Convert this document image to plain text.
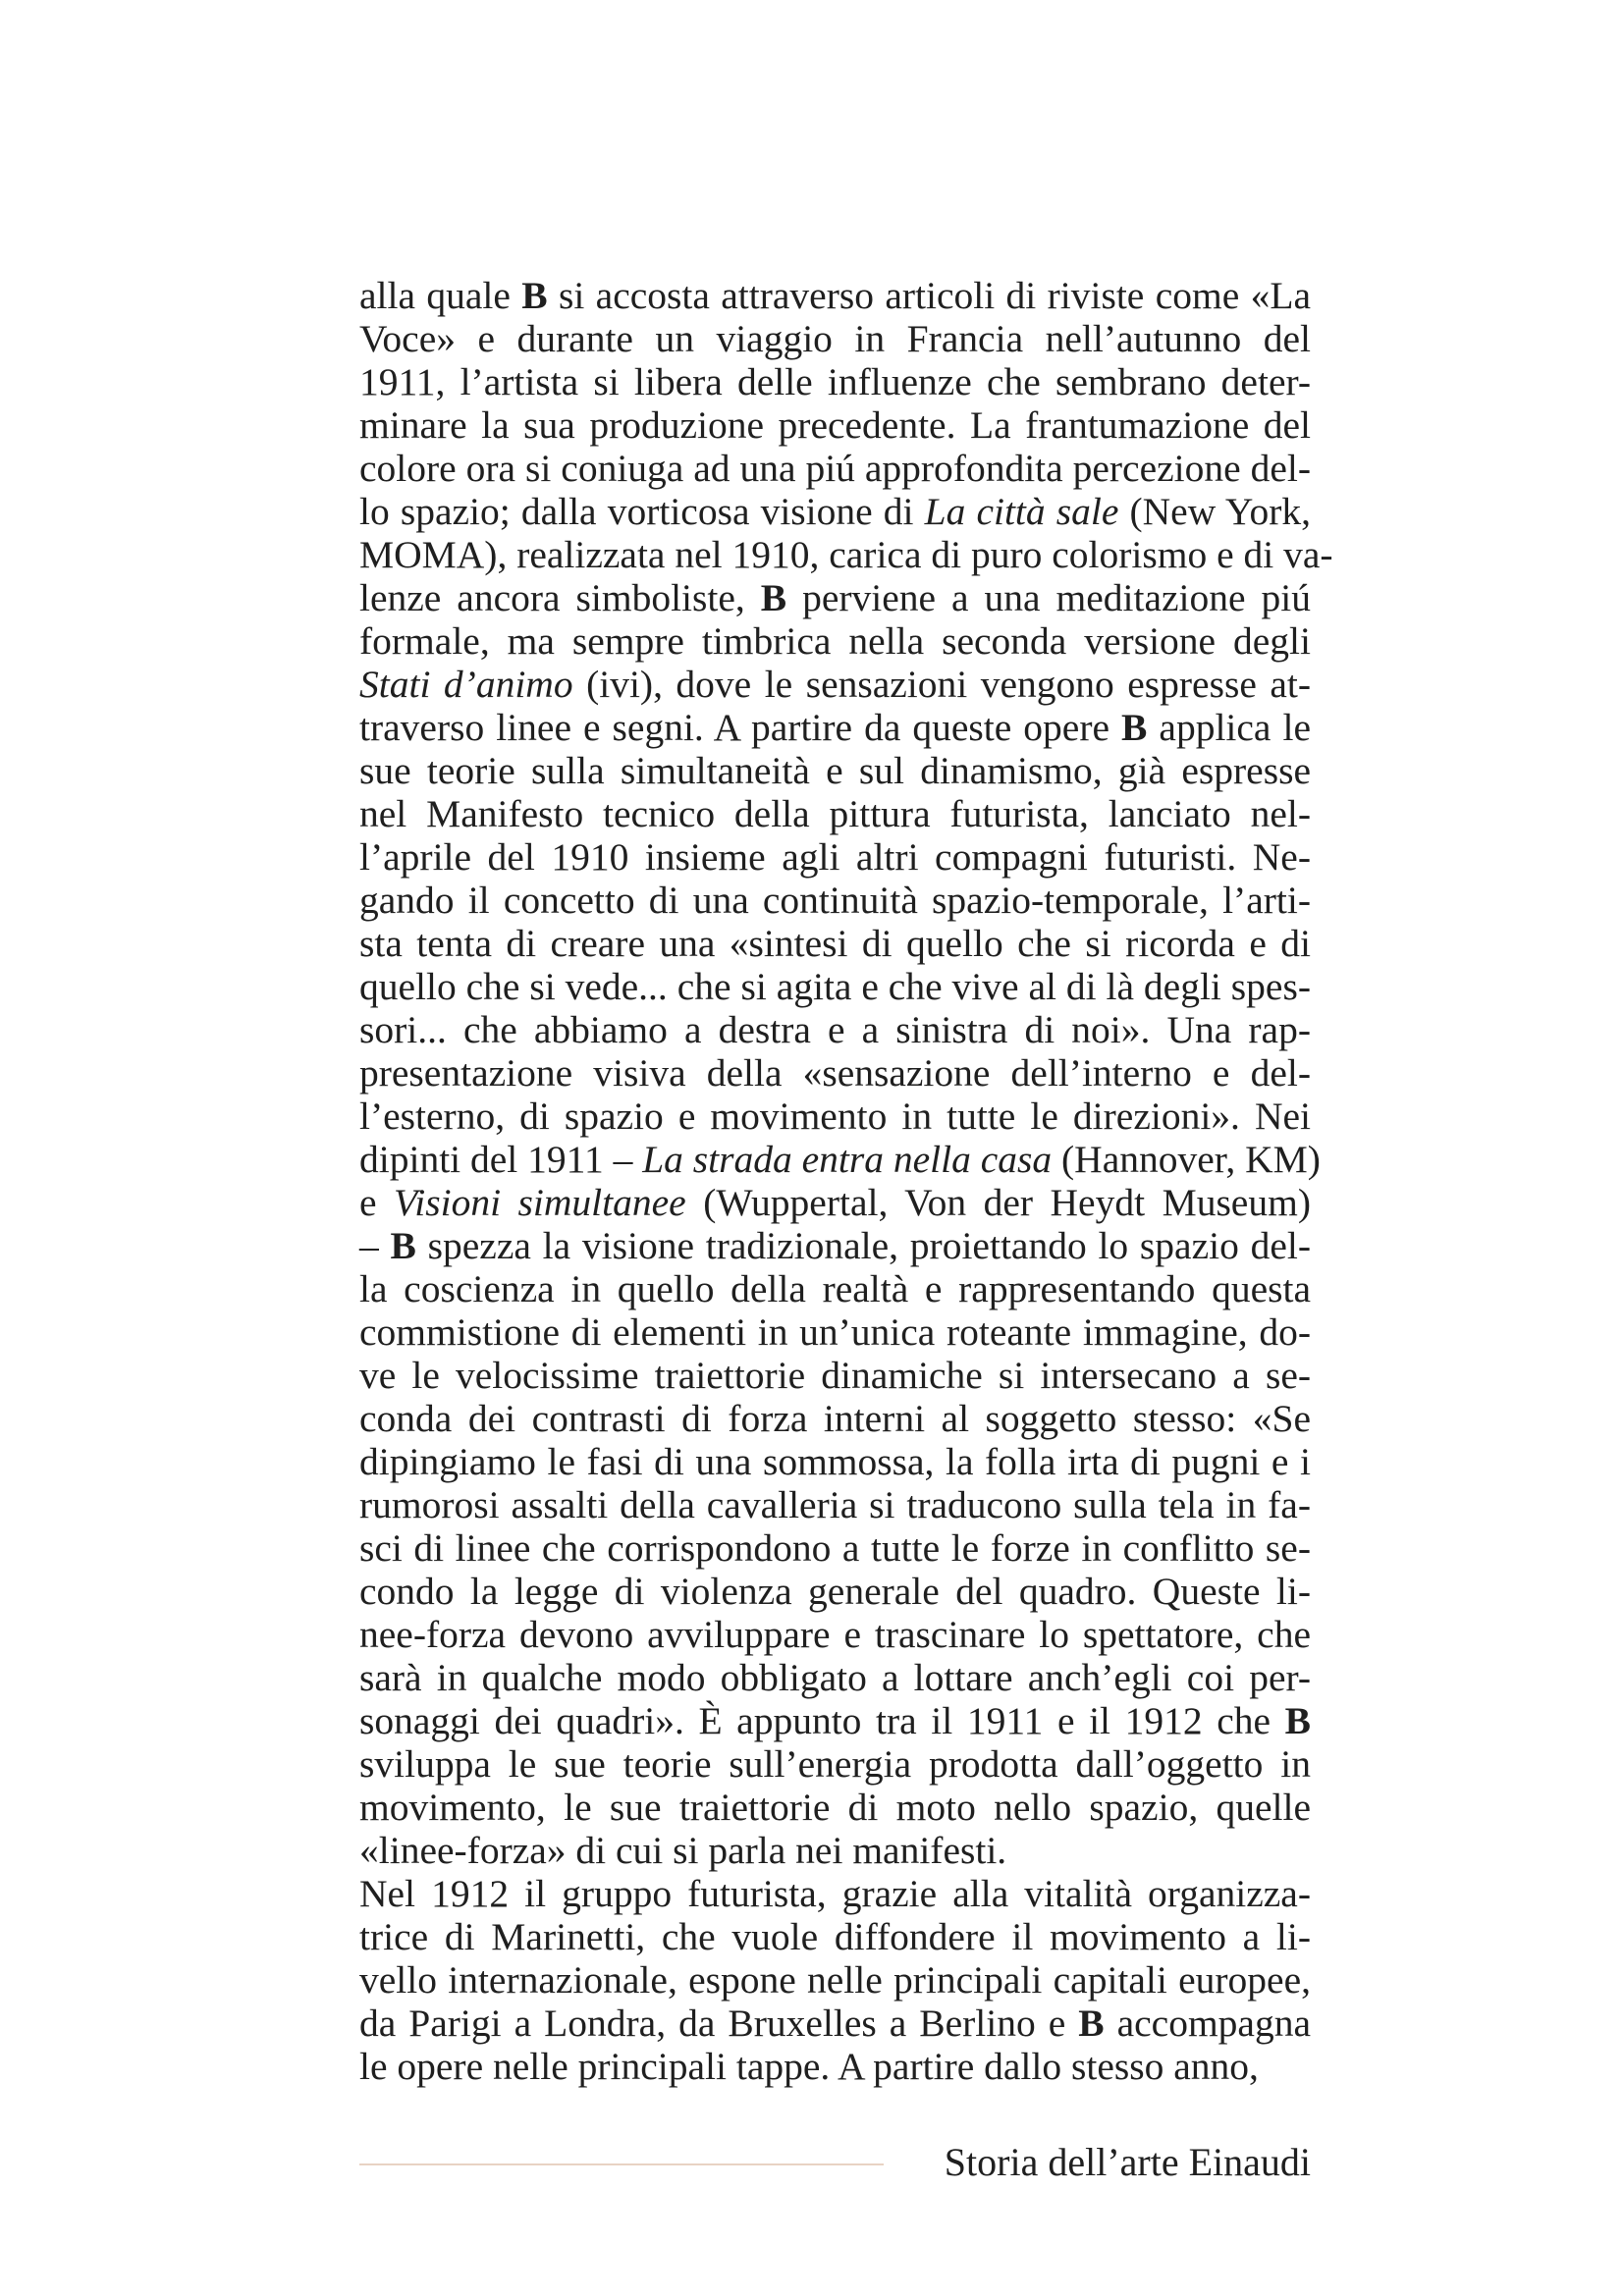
alla quale B si accosta attraverso articoli di riviste come «La
Voce» e durante un viaggio in Francia nell’autunno del
1911, l’artista si libera delle influenze che sembrano deter-
minare la sua produzione precedente. La frantumazione del
colore ora si coniuga ad una piú approfondita percezione del-
lo spazio; dalla vorticosa visione di La città sale (New York,
MOMA), realizzata nel 1910, carica di puro colorismo e di va-
lenze ancora simboliste, B perviene a una meditazione piú
formale, ma sempre timbrica nella seconda versione degli
Stati d’animo (ivi), dove le sensazioni vengono espresse at-
traverso linee e segni. A partire da queste opere B applica le
sue teorie sulla simultaneità e sul dinamismo, già espresse
nel Manifesto tecnico della pittura futurista, lanciato nel-
l’aprile del 1910 insieme agli altri compagni futuristi. Ne-
gando il concetto di una continuità spazio-temporale, l’arti-
sta tenta di creare una «sintesi di quello che si ricorda e di
quello che si vede... che si agita e che vive al di là degli spes-
sori... che abbiamo a destra e a sinistra di noi». Una rap-
presentazione visiva della «sensazione dell’interno e del-
l’esterno, di spazio e movimento in tutte le direzioni». Nei
dipinti del 1911 – La strada entra nella casa (Hannover, KM)
e Visioni simultanee (Wuppertal, Von der Heydt Museum)
– B spezza la visione tradizionale, proiettando lo spazio del-
la coscienza in quello della realtà e rappresentando questa
commistione di elementi in un’unica roteante immagine, do-
ve le velocissime traiettorie dinamiche si intersecano a se-
conda dei contrasti di forza interni al soggetto stesso: «Se
dipingiamo le fasi di una sommossa, la folla irta di pugni e i
rumorosi assalti della cavalleria si traducono sulla tela in fa-
sci di linee che corrispondono a tutte le forze in conflitto se-
condo la legge di violenza generale del quadro. Queste li-
nee-forza devono avvilupparе e trascinare lo spettatore, che
sarà in qualche modo obbligato a lottare anch’egli coi per-
sonaggi dei quadri». È appunto tra il 1911 e il 1912 che B
sviluppa le sue teorie sull’energia prodotta dall’oggetto in
movimento, le sue traiettorie di moto nello spazio, quelle
«linee-forza» di cui si parla nei manifesti.
Nel 1912 il gruppo futurista, grazie alla vitalità organizza-
trice di Marinetti, che vuole diffondere il movimento a li-
vello internazionale, espone nelle principali capitali europee,
da Parigi a Londra, da Bruxelles a Berlino e B accompagna
le opere nelle principali tappe. A partire dallo stesso anno,
Storia dell’arte Einaudi
